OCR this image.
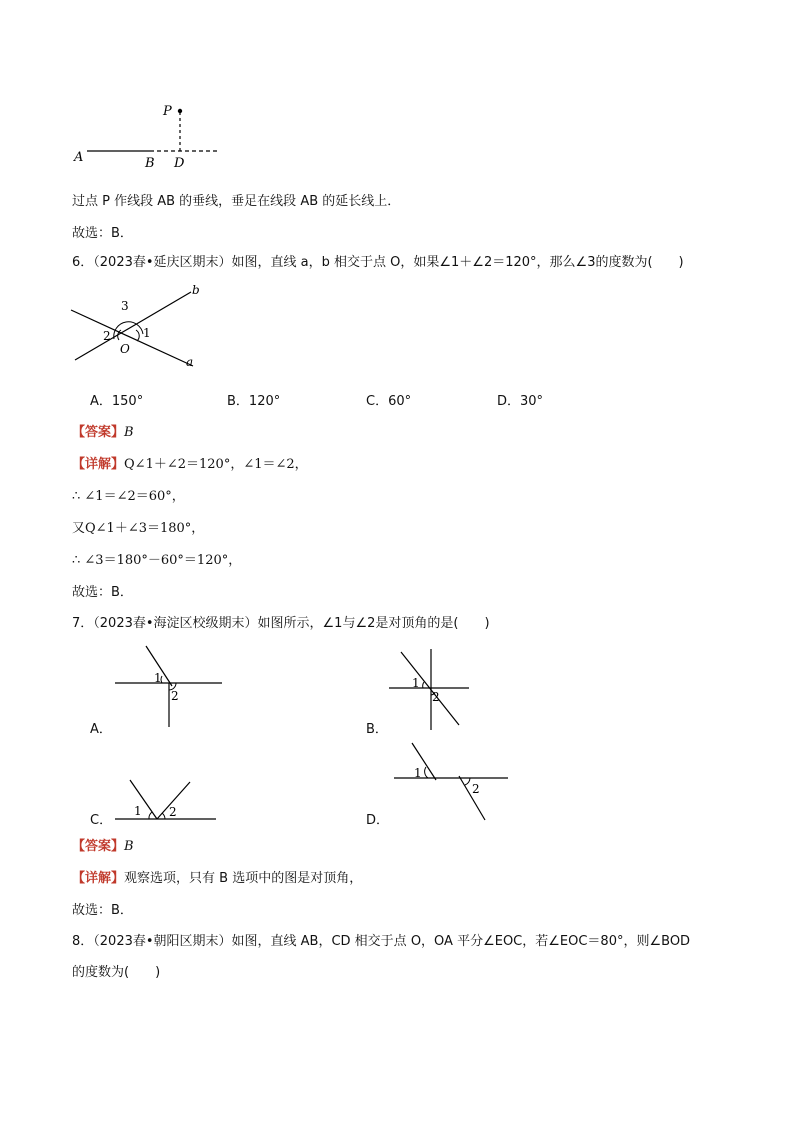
P
A	B D
过点 P 作线段 AB 的垂线，垂足在线段 AB 的延长线上．
故选：B．
6．（2023春•延庆区期末）如图，直线 a，b 相交于点 O，如果∠1＋∠2＝120°，那么∠3的度数为(　　)
b
a
3
2	1
O
A．150°	B．120°	C．60°	D．30°
【答案】B
【详解】Q∠1＋∠2＝120°，∠1＝∠2，
∴ ∠1＝∠2＝60°，
又Q∠1＋∠3＝180°，
∴ ∠3＝180°－60°＝120°，
故选：B．
7．（2023春•海淀区校级期末）如图所示，∠1与∠2是对顶角的是(　　)
1
2
A．
1
2
B．
1 2
C．
1
2
D．
【答案】B
【详解】观察选项，只有 B 选项中的图是对顶角，
故选：B．
8．（2023春•朝阳区期末）如图，直线 AB，CD 相交于点 O，OA 平分∠EOC，若∠EOC＝80°，则∠BOD
的度数为(　　)
